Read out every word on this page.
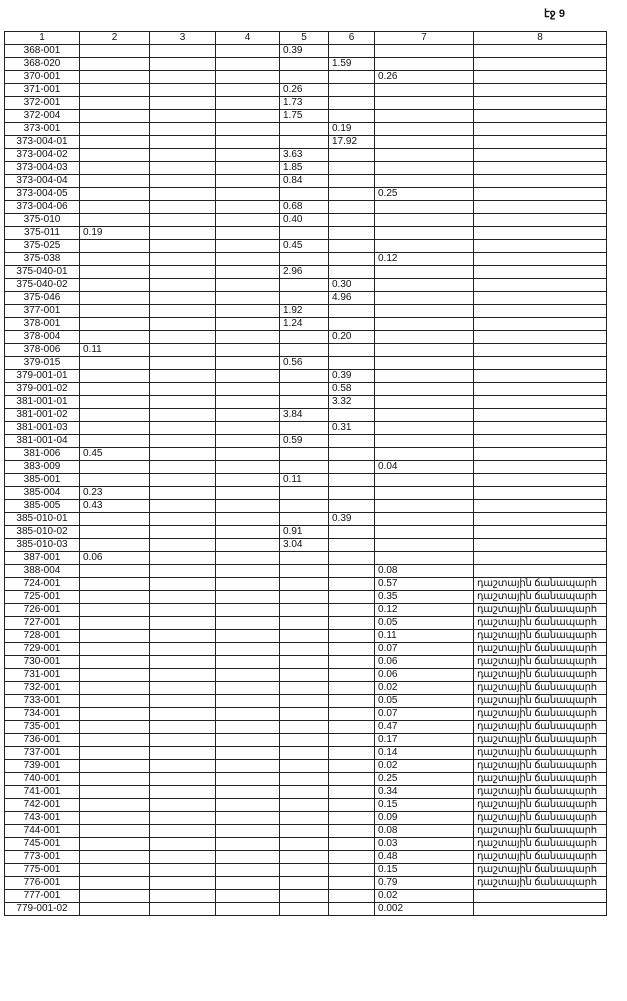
էջ 9
1	2	3	4	5	6	7	8
368-001				0.39			
368-020					1.59		
370-001						0.26	
371-001				0.26			
372-001				1.73			
372-004				1.75			
373-001					0.19		
373-004-01					17.92		
373-004-02				3.63			
373-004-03				1.85			
373-004-04				0.84			
373-004-05						0.25	
373-004-06				0.68			
375-010				0.40			
375-011	0.19						
375-025				0.45			
375-038						0.12	
375-040-01				2.96			
375-040-02					0.30		
375-046					4.96		
377-001				1.92			
378-001				1.24			
378-004					0.20		
378-006	0.11						
379-015				0.56			
379-001-01					0.39		
379-001-02					0.58		
381-001-01					3.32		
381-001-02				3.84			
381-001-03					0.31		
381-001-04				0.59			
381-006	0.45						
383-009						0.04	
385-001				0.11			
385-004	0.23						
385-005	0.43						
385-010-01					0.39		
385-010-02				0.91			
385-010-03				3.04			
387-001	0.06						
388-004						0.08	
724-001						0.57	դաշտային ճանապարհ
725-001						0.35	դաշտային ճանապարհ
726-001						0.12	դաշտային ճանապարհ
727-001						0.05	դաշտային ճանապարհ
728-001						0.11	դաշտային ճանապարհ
729-001						0.07	դաշտային ճանապարհ
730-001						0.06	դաշտային ճանապարհ
731-001						0.06	դաշտային ճանապարհ
732-001						0.02	դաշտային ճանապարհ
733-001						0.05	դաշտային ճանապարհ
734-001						0.07	դաշտային ճանապարհ
735-001						0.47	դաշտային ճանապարհ
736-001						0.17	դաշտային ճանապարհ
737-001						0.14	դաշտային ճանապարհ
739-001						0.02	դաշտային ճանապարհ
740-001						0.25	դաշտային ճանապարհ
741-001						0.34	դաշտային ճանապարհ
742-001						0.15	դաշտային ճանապարհ
743-001						0.09	դաշտային ճանապարհ
744-001						0.08	դաշտային ճանապարհ
745-001						0.03	դաշտային ճանապարհ
773-001						0.48	դաշտային ճանապարհ
775-001						0.15	դաշտային ճանապարհ
776-001						0.79	դաշտային ճանապարհ
777-001						0.02	
779-001-02						0.002	
